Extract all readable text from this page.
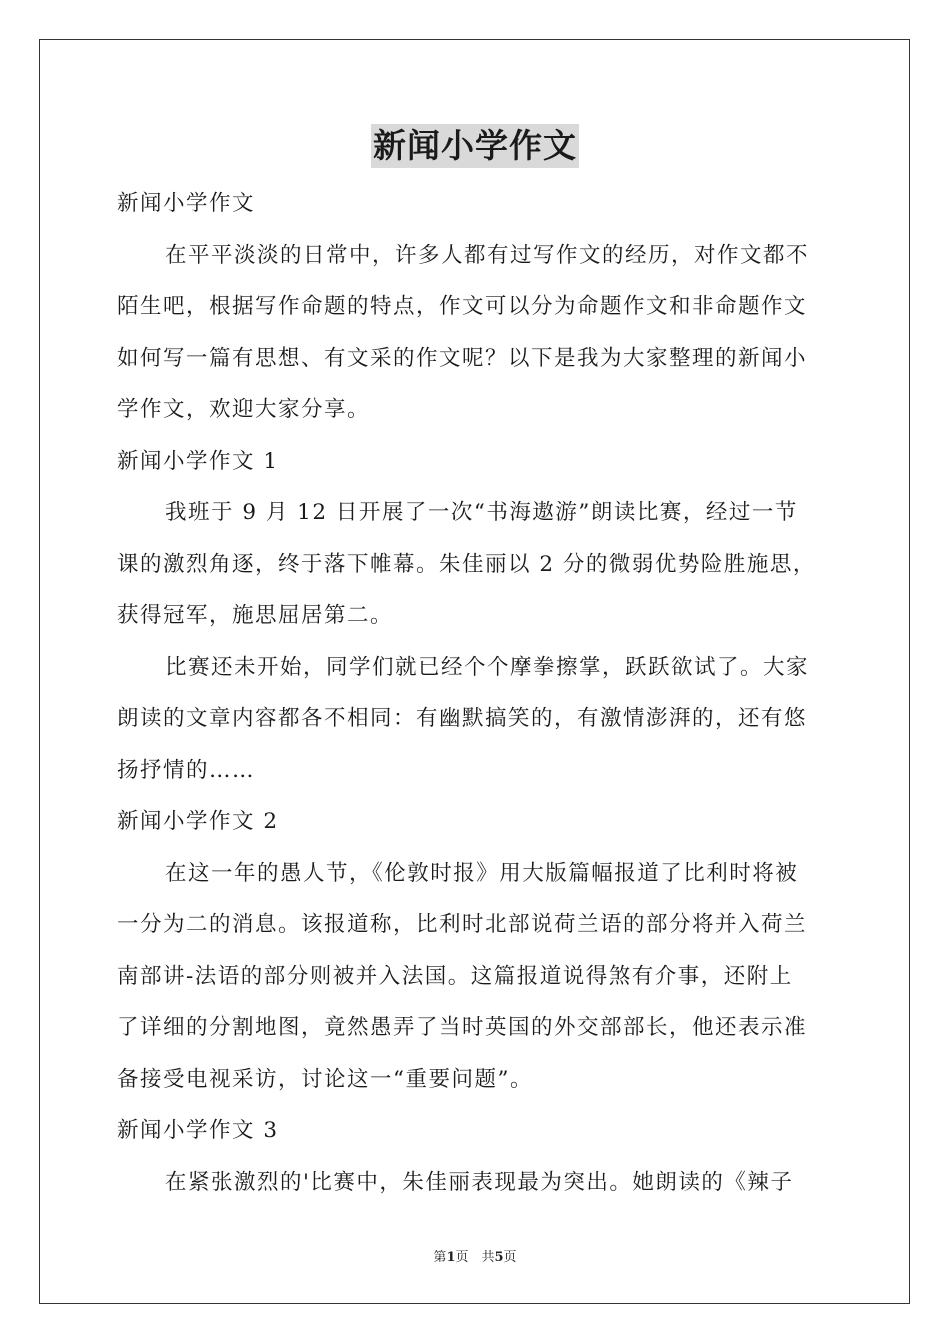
新闻小学作文
新闻小学作文
在平平淡淡的日常中，许多人都有过写作文的经历，对作文都不
陌生吧，根据写作命题的特点，作文可以分为命题作文和非命题作文
如何写一篇有思想、有文采的作文呢？以下是我为大家整理的新闻小
学作文，欢迎大家分享。
新闻小学作文 1
我班于 9 月 12 日开展了一次“书海遨游”朗读比赛，经过一节
课的激烈角逐，终于落下帷幕。朱佳丽以 2 分的微弱优势险胜施思，
获得冠军，施思屈居第二。
比赛还未开始，同学们就已经个个摩拳擦掌，跃跃欲试了。大家
朗读的文章内容都各不相同：有幽默搞笑的，有激情澎湃的，还有悠
扬抒情的……
新闻小学作文 2
在这一年的愚人节，《伦敦时报》用大版篇幅报道了比利时将被
一分为二的消息。该报道称，比利时北部说荷兰语的部分将并入荷兰
南部讲-法语的部分则被并入法国。这篇报道说得煞有介事，还附上
了详细的分割地图，竟然愚弄了当时英国的外交部部长，他还表示准
备接受电视采访，讨论这一“重要问题”。
新闻小学作文 3
在紧张激烈的'比赛中，朱佳丽表现最为突出。她朗读的《辣子
第1页　共5页
